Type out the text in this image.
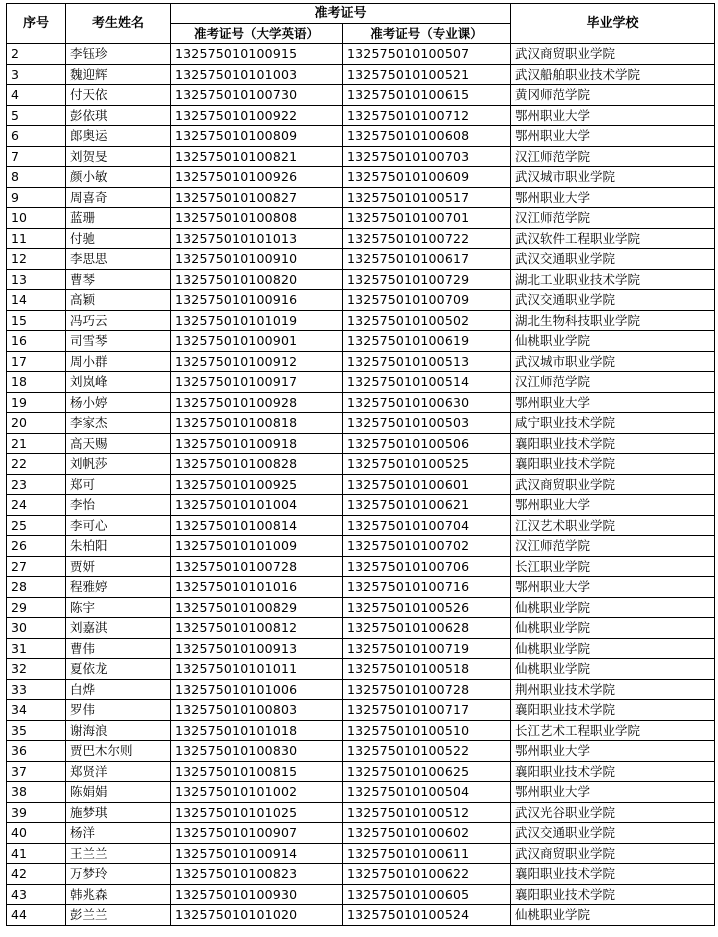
序号	考生姓名	准考证号		毕业学校
		准考证号（大学英语）	准考证号（专业课）	
2	李钰珍	132575010100915	132575010100507	武汉商贸职业学院
3	魏迎辉	132575010101003	132575010100521	武汉船舶职业技术学院
4	付天依	132575010100730	132575010100615	黄冈师范学院
5	彭依琪	132575010100922	132575010100712	鄂州职业大学
6	郎奥运	132575010100809	132575010100608	鄂州职业大学
7	刘贺旻	132575010100821	132575010100703	汉江师范学院
8	颜小敏	132575010100926	132575010100609	武汉城市职业学院
9	周喜奇	132575010100827	132575010100517	鄂州职业大学
10	蓝珊	132575010100808	132575010100701	汉江师范学院
11	付驰	132575010101013	132575010100722	武汉软件工程职业学院
12	李思思	132575010100910	132575010100617	武汉交通职业学院
13	曹琴	132575010100820	132575010100729	湖北工业职业技术学院
14	高颖	132575010100916	132575010100709	武汉交通职业学院
15	冯巧云	132575010101019	132575010100502	湖北生物科技职业学院
16	司雪琴	132575010100901	132575010100619	仙桃职业学院
17	周小群	132575010100912	132575010100513	武汉城市职业学院
18	刘岚峰	132575010100917	132575010100514	汉江师范学院
19	杨小婷	132575010100928	132575010100630	鄂州职业大学
20	李家杰	132575010100818	132575010100503	咸宁职业技术学院
21	高天赐	132575010100918	132575010100506	襄阳职业技术学院
22	刘帆莎	132575010100828	132575010100525	襄阳职业技术学院
23	郑可	132575010100925	132575010100601	武汉商贸职业学院
24	李怡	132575010101004	132575010100621	鄂州职业大学
25	李可心	132575010100814	132575010100704	江汉艺术职业学院
26	朱柏阳	132575010101009	132575010100702	汉江师范学院
27	贾妍	132575010100728	132575010100706	长江职业学院
28	程雅婷	132575010101016	132575010100716	鄂州职业大学
29	陈宇	132575010100829	132575010100526	仙桃职业学院
30	刘嘉淇	132575010100812	132575010100628	仙桃职业学院
31	曹伟	132575010100913	132575010100719	仙桃职业学院
32	夏依龙	132575010101011	132575010100518	仙桃职业学院
33	白烨	132575010101006	132575010100728	荆州职业技术学院
34	罗伟	132575010100803	132575010100717	襄阳职业技术学院
35	谢海浪	132575010101018	132575010100510	长江艺术工程职业学院
36	贾巴木尔则	132575010100830	132575010100522	鄂州职业大学
37	郑贤洋	132575010100815	132575010100625	襄阳职业技术学院
38	陈娟娟	132575010101002	132575010100504	鄂州职业大学
39	施梦琪	132575010101025	132575010100512	武汉光谷职业学院
40	杨洋	132575010100907	132575010100602	武汉交通职业学院
41	王兰兰	132575010100914	132575010100611	武汉商贸职业学院
42	万梦玲	132575010100823	132575010100622	襄阳职业技术学院
43	韩兆森	132575010100930	132575010100605	襄阳职业技术学院
44	彭兰兰	132575010101020	132575010100524	仙桃职业学院
